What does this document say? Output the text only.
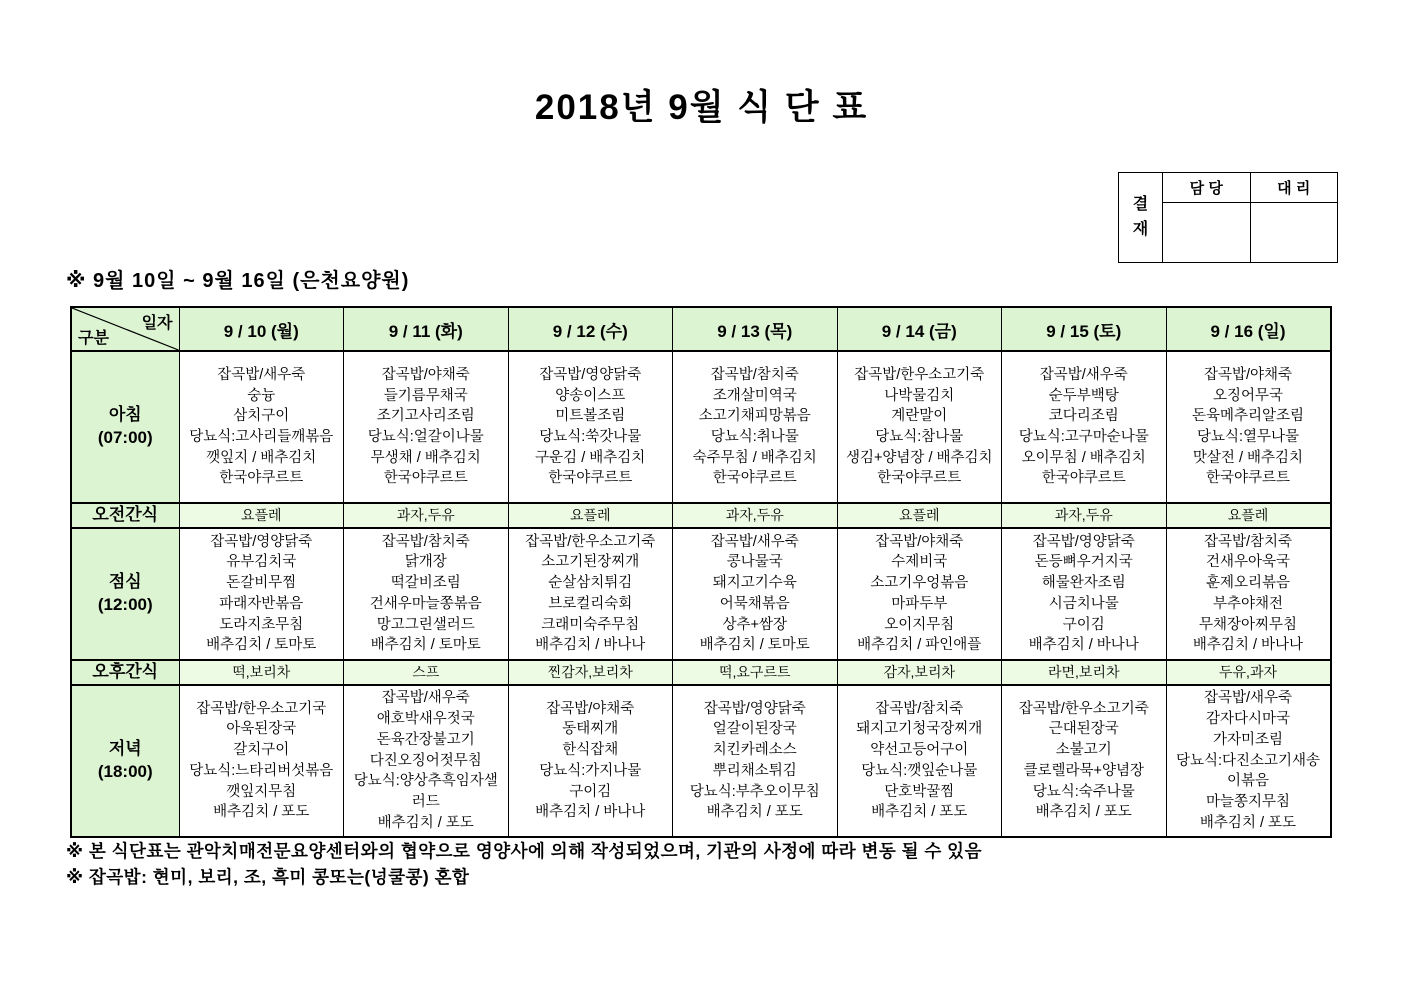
2018년 9월 식 단 표
결재	담 당	대 리

※ 9월 10일 ~ 9월 16일 (은천요양원)
일자
구분	9 / 10 (월)	9 / 11 (화)	9 / 12 (수)	9 / 13 (목)	9 / 14 (금)	9 / 15 (토)	9 / 16 (일)

아침
(07:00)

잡곡밥/새우죽
숭늉
삼치구이
당뇨식:고사리들깨볶음
깻잎지 / 배추김치
한국야쿠르트

잡곡밥/야채죽
들기름무채국
조기고사리조림
당뇨식:얼갈이나물
무생채 / 배추김치
한국야쿠르트

잡곡밥/영양닭죽
양송이스프
미트볼조림
당뇨식:쑥갓나물
구운김 / 배추김치
한국야쿠르트

잡곡밥/참치죽
조개살미역국
소고기채피망볶음
당뇨식:취나물
숙주무침 / 배추김치
한국야쿠르트

잡곡밥/한우소고기죽
나박물김치
계란말이
당뇨식:참나물
생김+양념장 / 배추김치
한국야쿠르트

잡곡밥/새우죽
순두부백탕
코다리조림
당뇨식:고구마순나물
오이무침 / 배추김치
한국야쿠르트

잡곡밥/야채죽
오징어무국
돈육메추리알조림
당뇨식:열무나물
맛살전 / 배추김치
한국야쿠르트

오전간식	요플레	과자,두유	요플레	과자,두유	요플레	과자,두유	요플레

점심
(12:00)

잡곡밥/영양닭죽
유부김치국
돈갈비무찜
파래자반볶음
도라지초무침
배추김치 / 토마토

잡곡밥/참치죽
닭개장
떡갈비조림
건새우마늘쫑볶음
망고그린샐러드
배추김치 / 토마토

잡곡밥/한우소고기죽
소고기된장찌개
순살삼치튀김
브로컬리숙회
크래미숙주무침
배추김치 / 바나나

잡곡밥/새우죽
콩나물국
돼지고기수육
어묵채볶음
상추+쌈장
배추김치 / 토마토

잡곡밥/야채죽
수제비국
소고기우엉볶음
마파두부
오이지무침
배추김치 / 파인애플

잡곡밥/영양닭죽
돈등뼈우거지국
해물완자조림
시금치나물
구이김
배추김치 / 바나나

잡곡밥/참치죽
건새우아욱국
훈제오리볶음
부추야채전
무채장아찌무침
배추김치 / 바나나

오후간식	떡,보리차	스프	찐감자,보리차	떡,요구르트	감자,보리차	라면,보리차	두유,과자

저녁
(18:00)

잡곡밥/한우소고기국
아욱된장국
갈치구이
당뇨식:느타리버섯볶음
깻잎지무침
배추김치 / 포도

잡곡밥/새우죽
애호박새우젓국
돈육간장불고기
다진오징어젓무침
당뇨식:양상추흑임자샐러드
배추김치 / 포도

잡곡밥/야채죽
동태찌개
한식잡채
당뇨식:가지나물
구이김
배추김치 / 바나나

잡곡밥/영양닭죽
얼갈이된장국
치킨카레소스
뿌리채소튀김
당뇨식:부추오이무침
배추김치 / 포도

잡곡밥/참치죽
돼지고기청국장찌개
약선고등어구이
당뇨식:깻잎순나물
단호박꿀찜
배추김치 / 포도

잡곡밥/한우소고기죽
근대된장국
소불고기
클로렐라묵+양념장
당뇨식:숙주나물
배추김치 / 포도

잡곡밥/새우죽
감자다시마국
가자미조림
당뇨식:다진소고기새송이볶음
마늘쫑지무침
배추김치 / 포도
※ 본 식단표는 관악치매전문요양센터와의 협약으로 영양사에 의해 작성되었으며, 기관의 사정에 따라 변동 될 수 있음
※ 잡곡밥: 현미, 보리, 조, 흑미 콩또는(넝쿨콩) 혼합
